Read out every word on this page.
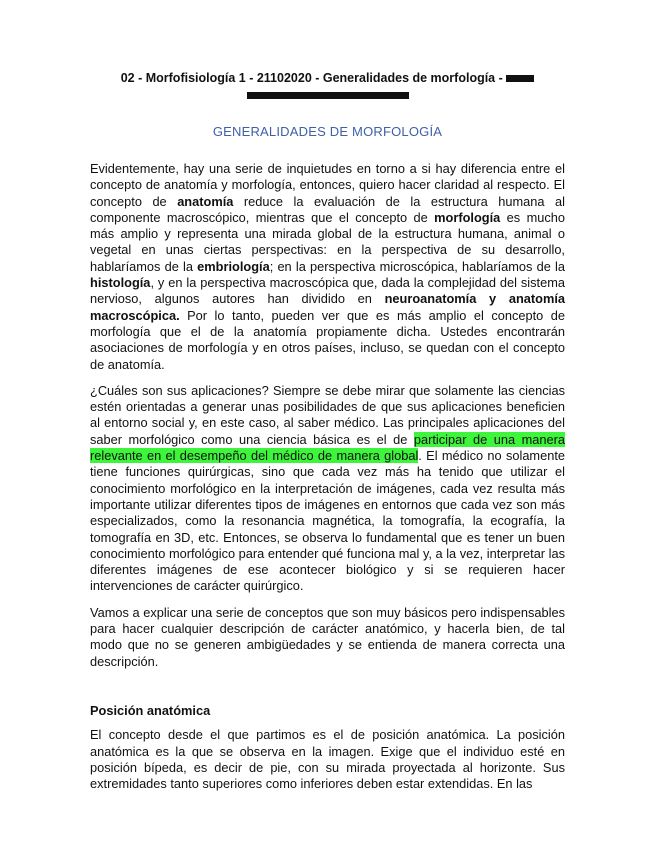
02 - Morfofisiología 1 - 21102020 - Generalidades de morfología -

GENERALIDADES DE MORFOLOGÍA

Evidentemente, hay una serie de inquietudes en torno a si hay diferencia entre el concepto de anatomía y morfología, entonces, quiero hacer claridad al respecto. El concepto de anatomía reduce la evaluación de la estructura humana al componente macroscópico, mientras que el concepto de morfología es mucho más amplio y representa una mirada global de la estructura humana, animal o vegetal en unas ciertas perspectivas: en la perspectiva de su desarrollo, hablaríamos de la embriología; en la perspectiva microscópica, hablaríamos de la histología, y en la perspectiva macroscópica que, dada la complejidad del sistema nervioso, algunos autores han dividido en neuroanatomía y anatomía macroscópica. Por lo tanto, pueden ver que es más amplio el concepto de morfología que el de la anatomía propiamente dicha. Ustedes encontrarán asociaciones de morfología y en otros países, incluso, se quedan con el concepto de anatomía.

¿Cuáles son sus aplicaciones? Siempre se debe mirar que solamente las ciencias estén orientadas a generar unas posibilidades de que sus aplicaciones beneficien al entorno social y, en este caso, al saber médico. Las principales aplicaciones del saber morfológico como una ciencia básica es el de participar de una manera relevante en el desempeño del médico de manera global. El médico no solamente tiene funciones quirúrgicas, sino que cada vez más ha tenido que utilizar el conocimiento morfológico en la interpretación de imágenes, cada vez resulta más importante utilizar diferentes tipos de imágenes en entornos que cada vez son más especializados, como la resonancia magnética, la tomografía, la ecografía, la tomografía en 3D, etc. Entonces, se observa lo fundamental que es tener un buen conocimiento morfológico para entender qué funciona mal y, a la vez, interpretar las diferentes imágenes de ese acontecer biológico y si se requieren hacer intervenciones de carácter quirúrgico.

Vamos a explicar una serie de conceptos que son muy básicos pero indispensables para hacer cualquier descripción de carácter anatómico, y hacerla bien, de tal modo que no se generen ambigüedades y se entienda de manera correcta una descripción.

Posición anatómica

El concepto desde el que partimos es el de posición anatómica. La posición anatómica es la que se observa en la imagen. Exige que el individuo esté en posición bípeda, es decir de pie, con su mirada proyectada al horizonte. Sus extremidades tanto superiores como inferiores deben estar extendidas. En las
